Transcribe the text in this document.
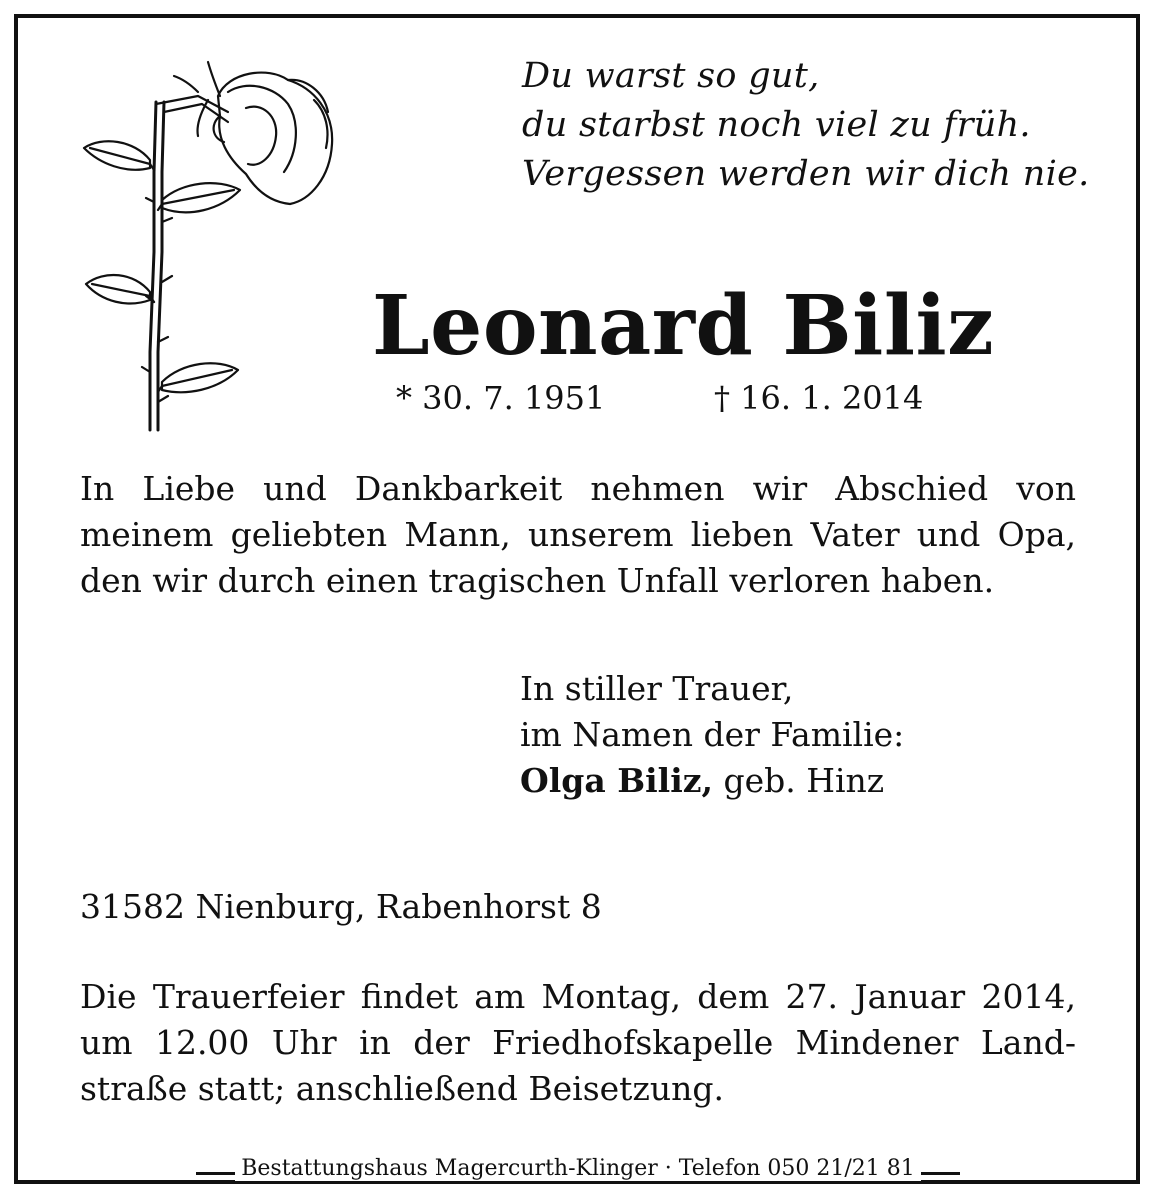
Du warst so gut,
du starbst noch viel zu früh.
Vergessen werden wir dich nie.
Leonard Biliz
* 30. 7. 1951	† 16. 1. 2014
In Liebe und Dankbarkeit nehmen wir Abschied von
meinem geliebten Mann, unserem lieben Vater und Opa,
den wir durch einen tragischen Unfall verloren haben.
In stiller Trauer,
im Namen der Familie:
Olga Biliz, geb. Hinz
31582 Nienburg, Rabenhorst 8
Die Trauerfeier findet am Montag, dem 27. Januar 2014,
um 12.00 Uhr in der Friedhofskapelle Mindener Land-
straße statt; anschließend Beisetzung.
Bestattungshaus Magercurth-Klinger · Telefon 050 21/21 81
